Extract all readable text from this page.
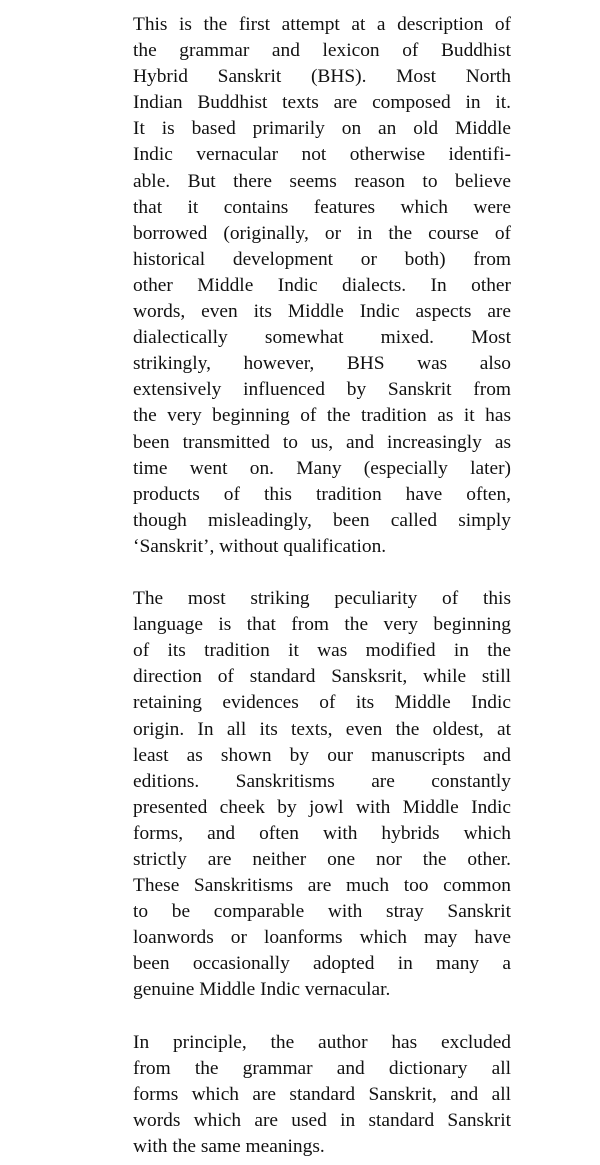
This is the first attempt at a description of
the grammar and lexicon of Buddhist
Hybrid Sanskrit (BHS). Most North
Indian Buddhist texts are composed in it.
It is based primarily on an old Middle
Indic vernacular not otherwise identifi-
able. But there seems reason to believe
that it contains features which were
borrowed (originally, or in the course of
historical development or both) from
other Middle Indic dialects. In other
words, even its Middle Indic aspects are
dialectically somewhat mixed. Most
strikingly, however, BHS was also
extensively influenced by Sanskrit from
the very beginning of the tradition as it has
been transmitted to us, and increasingly as
time went on. Many (especially later)
products of this tradition have often,
though misleadingly, been called simply
‘Sanskrit’, without qualification.
The most striking peculiarity of this
language is that from the very beginning
of its tradition it was modified in the
direction of standard Sansksrit, while still
retaining evidences of its Middle Indic
origin. In all its texts, even the oldest, at
least as shown by our manuscripts and
editions. Sanskritisms are constantly
presented cheek by jowl with Middle Indic
forms, and often with hybrids which
strictly are neither one nor the other.
These Sanskritisms are much too common
to be comparable with stray Sanskrit
loanwords or loanforms which may have
been occasionally adopted in many a
genuine Middle Indic vernacular.
In principle, the author has excluded
from the grammar and dictionary all
forms which are standard Sanskrit, and all
words which are used in standard Sanskrit
with the same meanings.
